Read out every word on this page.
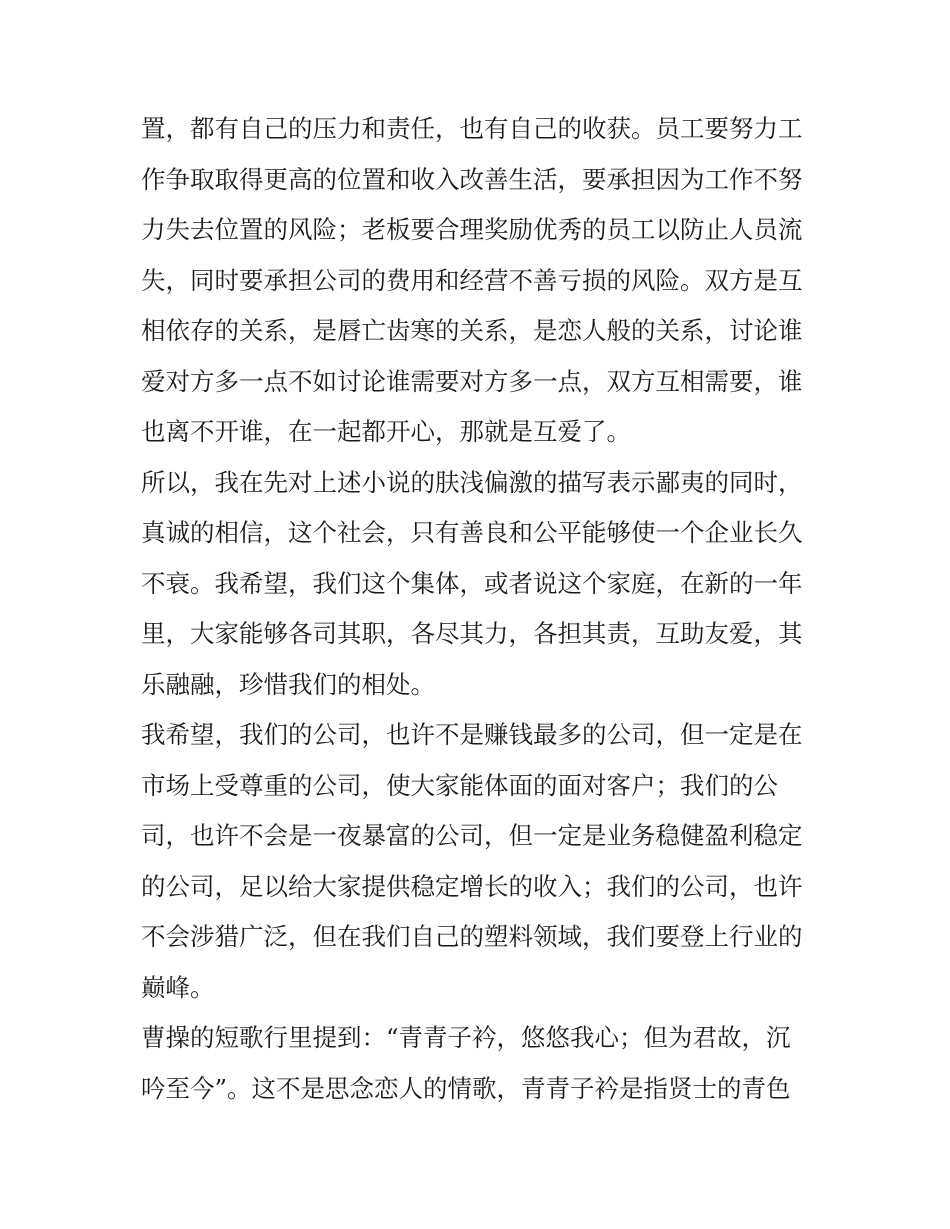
置，都有自己的压力和责任，也有自己的收获。员工要努力工
作争取取得更高的位置和收入改善生活，要承担因为工作不努
力失去位置的风险；老板要合理奖励优秀的员工以防止人员流
失，同时要承担公司的费用和经营不善亏损的风险。双方是互
相依存的关系，是唇亡齿寒的关系，是恋人般的关系，讨论谁
爱对方多一点不如讨论谁需要对方多一点，双方互相需要，谁
也离不开谁，在一起都开心，那就是互爱了。
所以，我在先对上述小说的肤浅偏激的描写表示鄙夷的同时，
真诚的相信，这个社会，只有善良和公平能够使一个企业长久
不衰。我希望，我们这个集体，或者说这个家庭，在新的一年
里，大家能够各司其职，各尽其力，各担其责，互助友爱，其
乐融融，珍惜我们的相处。
我希望，我们的公司，也许不是赚钱最多的公司，但一定是在
市场上受尊重的公司，使大家能体面的面对客户；我们的公
司，也许不会是一夜暴富的公司，但一定是业务稳健盈利稳定
的公司，足以给大家提供稳定增长的收入；我们的公司，也许
不会涉猎广泛，但在我们自己的塑料领域，我们要登上行业的
巅峰。
曹操的短歌行里提到：“青青子衿，悠悠我心；但为君故，沉
吟至今”。这不是思念恋人的情歌，青青子衿是指贤士的青色
